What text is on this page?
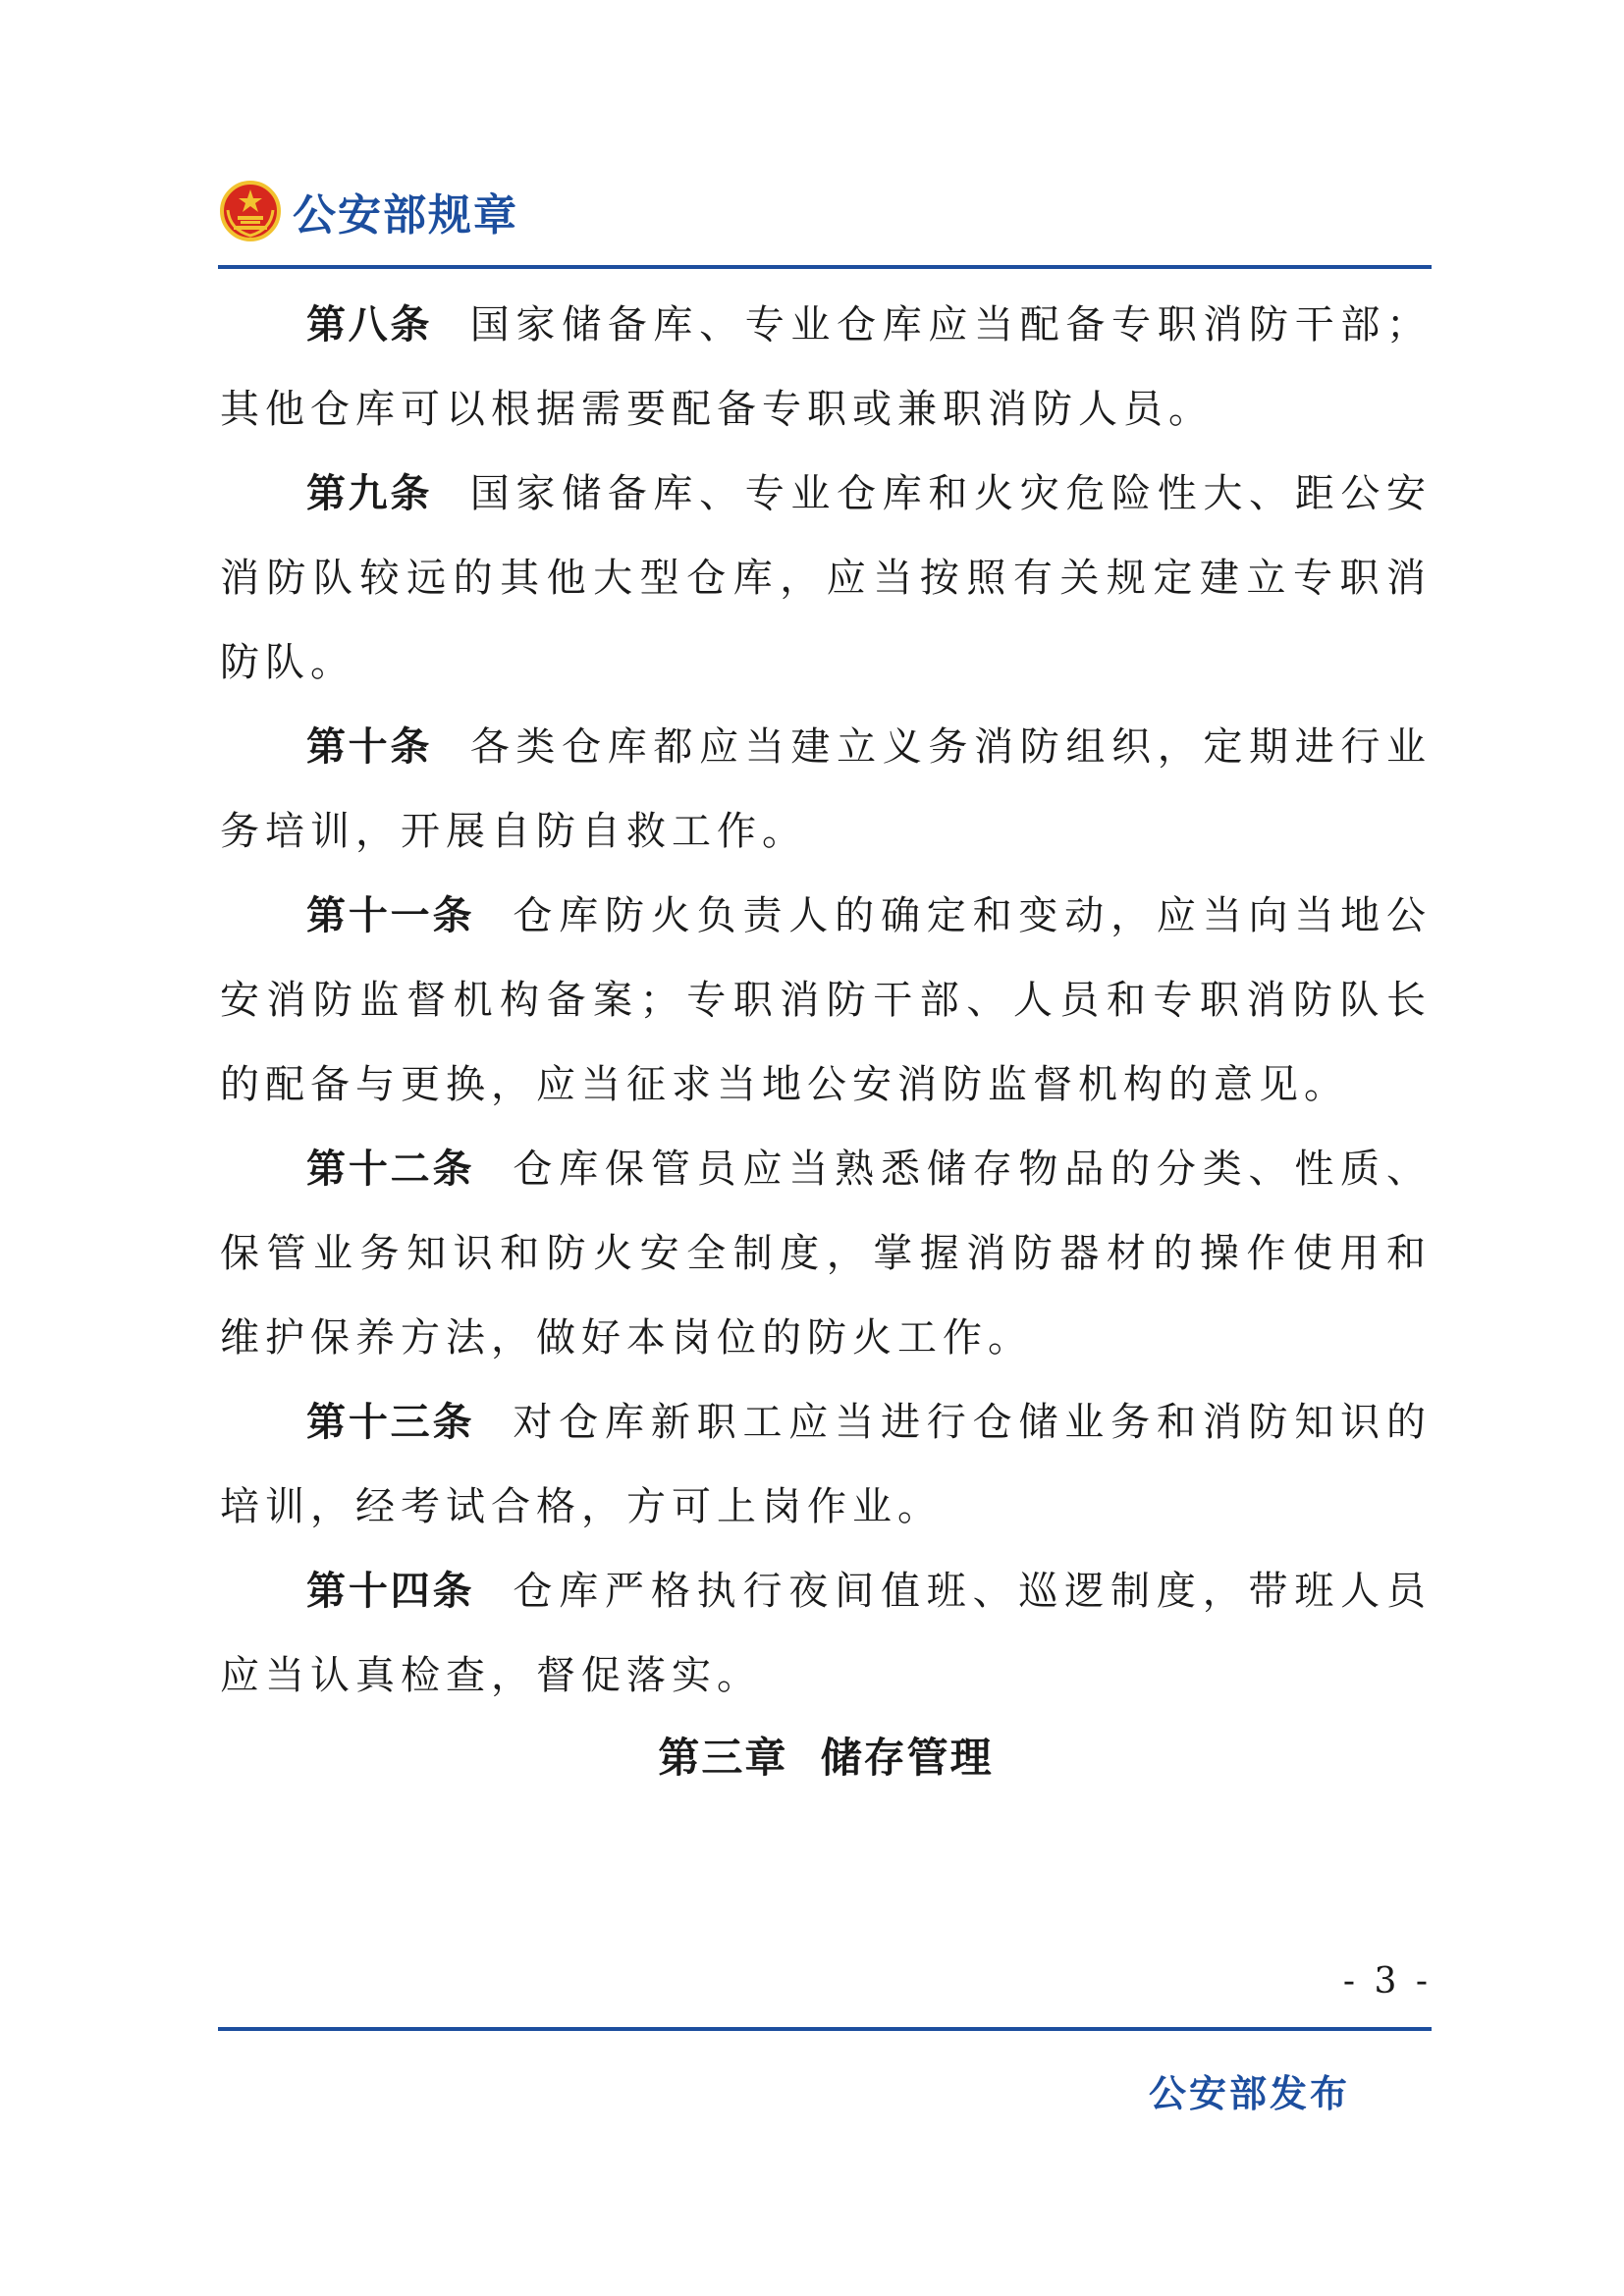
公安部规章

第八条 国家储备库、专业仓库应当配备专职消防干部；其他仓库可以根据需要配备专职或兼职消防人员。

第九条 国家储备库、专业仓库和火灾危险性大、距公安消防队较远的其他大型仓库，应当按照有关规定建立专职消防队。

第十条 各类仓库都应当建立义务消防组织，定期进行业务培训，开展自防自救工作。

第十一条 仓库防火负责人的确定和变动，应当向当地公安消防监督机构备案；专职消防干部、人员和专职消防队长的配备与更换，应当征求当地公安消防监督机构的意见。

第十二条 仓库保管员应当熟悉储存物品的分类、性质、保管业务知识和防火安全制度，掌握消防器材的操作使用和维护保养方法，做好本岗位的防火工作。

第十三条 对仓库新职工应当进行仓储业务和消防知识的培训，经考试合格，方可上岗作业。

第十四条 仓库严格执行夜间值班、巡逻制度，带班人员应当认真检查，督促落实。

第三章  储存管理
- 3 -
公安部发布
